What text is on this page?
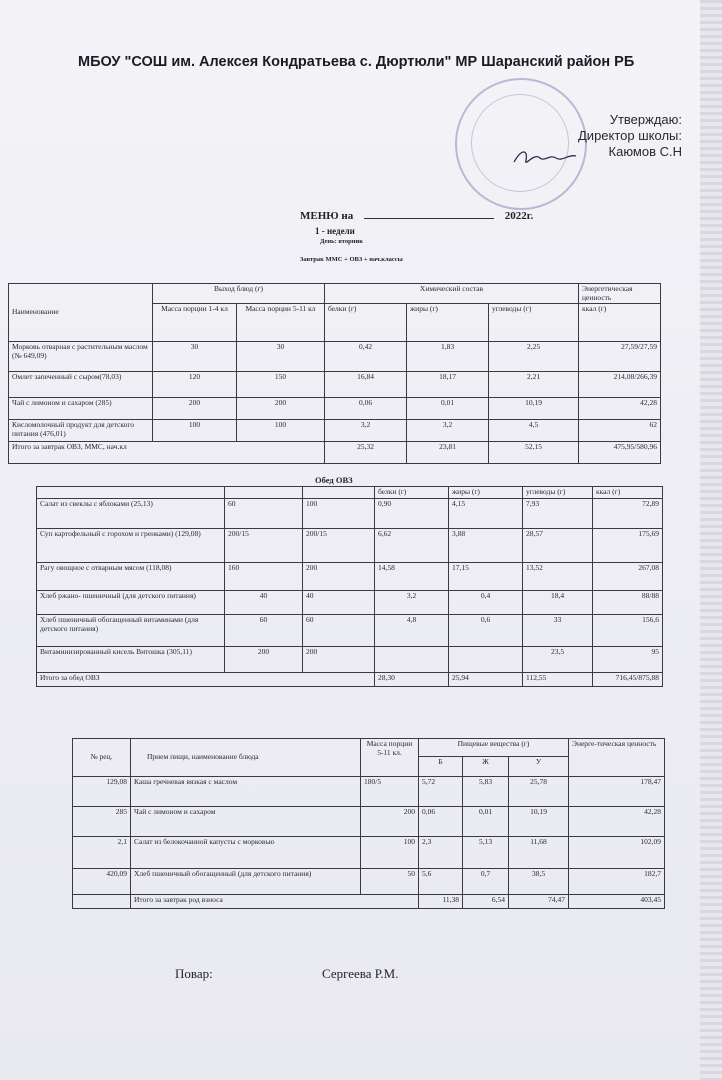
МБОУ "СОШ им. Алексея Кондратьева с. Дюртюли" МР Шаранский район РБ
Утверждаю:
Директор школы:
Каюмов С.Н
МЕНЮ на	2022г.
1 - недели
День: вторник
Завтрак ММС + ОВЗ + нач.классы
Наименование	Выход блюд (г)		Химический состав			Энергетическая ценность
	Масса порции 1-4 кл	Масса порции 5-11 кл	белки (г)	жиры (г)	углеводы (г)	ккал (г)
Морковь отварная с растительным маслом (№ 649,09)	30	30	0,42	1,83	2,25	27,59/27,59
Омлет запеченный с сыром(78,03)	120	150	16,84	18,17	2,21	214,08/266,39
Чай с лимоном и сахаром (285)	200	200	0,06	0,01	10,19	42,28
Кисломолочный продукт для детского питания (476,01)	100	100	3,2	3,2	4,5	62
Итого за завтрак ОВЗ, ММС, нач.кл			25,32	23,81	52,15	475,95/580,96
Обед ОВЗ
			белки (г)	жиры (г)	углеводы (г)	ккал (г)
Салат из свеклы с яблоками (25,13)	60	100	0,90	4,15	7,93	72,89
Суп картофельный с горохом и гренками) (129,08)	200/15	200/15	6,62	3,88	28,57	175,69
Рагу овощное с отварным мясом (118,08)	160	200	14,58	17,15	13,52	267,08
Хлеб ржано- пшеничный (для детского питания)	40	40	3,2	0,4	18,4	88/88
Хлеб пшеничный обогащенный витаминами (для детского питания)	60	60	4,8	0,6	33	156,6
Витаминизированный кисель Витошка (305,11)	200	200			23,5	95
Итого за обед ОВЗ			28,30	25,94	112,55	716,45/875,88
№ рец.	Прием пищи, наименование блюда	Масса порции 5-11 кл.	Пищевые вещества (г)			Энерге-тическая ценность
			Б	Ж	У	
129,08	Каша гречневая вязкая с маслом	180/5	5,72	5,83	25,78	178,47
285	Чай с лимоном и сахаром	200	0,06	0,01	10,19	42,28
2,1	Салат из белокочанной капусты с морковью	100	2,3	5,13	11,68	102,09
420,09	Хлеб пшеничный обогащенный (для детского питания)	50	5,6	0,7	38,5	182,7
	Итого за завтрак род взноса		11,38	6,54	74,47	403,45
Повар:	Сергеева Р.М.
